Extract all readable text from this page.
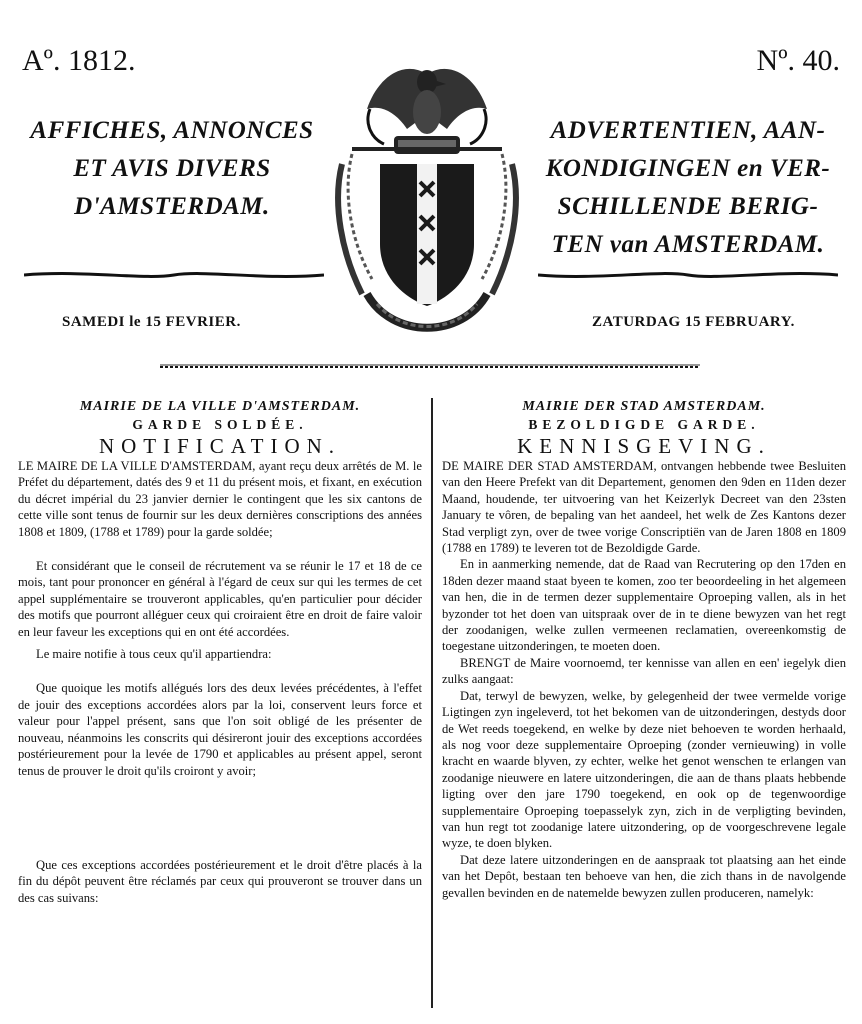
Aº. 1812.	Nº. 40.
AFFICHES, ANNONCES
ET AVIS DIVERS
D'AMSTERDAM.
ADVERTENTIEN, AAN-
KONDIGINGEN en VER-
SCHILLENDE BERIG-
TEN van AMSTERDAM.
SAMEDI le 15 FEVRIER.	ZATURDAG 15 FEBRUARY.
MAIRIE DE LA VILLE D'AMSTERDAM.
GARDE SOLDÉE.
NOTIFICATION.

LE MAIRE DE LA VILLE D'AMSTERDAM, ayant reçu deux arrêtés de M. le Préfet du département, datés des 9 et 11 du présent mois, et fixant, en exécution du décret impérial du 23 janvier dernier le contingent que les six cantons de cette ville sont tenus de fournir sur les deux dernières conscriptions des années 1808 et 1809, (1788 et 1789) pour la garde soldée;

Et considérant que le conseil de récrutement va se réunir le 17 et 18 de ce mois, tant pour prononcer en général à l'égard de ceux sur qui les termes de cet appel supplémentaire se trouveront applicables, qu'en particulier pour décider des motifs que pourront alléguer ceux qui croiraient être en droit de faire valoir en leur faveur les exceptions qui en ont été accordées.

Le maire notifie à tous ceux qu'il appartiendra:

Que quoique les motifs allégués lors des deux levées précédentes, à l'effet de jouir des exceptions accordées alors par la loi, conservent leurs force et valeur pour l'appel présent, sans que l'on soit obligé de les présenter de nouveau, néanmoins les conscrits qui désireront jouir des exceptions accordées postérieurement pour la levée de 1790 et applicables au présent appel, seront tenus de prouver le droit qu'ils croiront y avoir;

Que ces exceptions accordées postérieurement et le droit d'être placés à la fin du dépôt peuvent être réclamés par ceux qui prouveront se trouver dans un des cas suivans:

MAIRIE DER STAD AMSTERDAM.
BEZOLDIGDE GARDE.
KENNISGEVING.

DE MAIRE DER STAD AMSTERDAM, ontvangen hebbende twee Besluiten van den Heere Prefekt van dit Departement, genomen den 9den en 11den dezer Maand, houdende, ter uitvoering van het Keizerlyk Decreet van den 23sten January te vôren, de bepaling van het aandeel, het welk de Zes Kantons dezer Stad verpligt zyn, over de twee vorige Conscriptiën van de Jaren 1808 en 1809 (1788 en 1789) te leveren tot de Bezoldigde Garde.

En in aanmerking nemende, dat de Raad van Recrutering op den 17den en 18den dezer maand staat byeen te komen, zoo ter beoordeeling in het algemeen van hen, die in de termen dezer supplementaire Oproeping vallen, als in het byzonder tot het doen van uitspraak over de in te diene bewyzen van het regt der zoodanigen, welke zullen vermeenen reclamatien, overeenkomstig de toegestane uitzonderingen, te moeten doen.

BRENGT de Maire voornoemd, ter kennisse van allen en een' iegelyk dien zulks aangaat:

Dat, terwyl de bewyzen, welke, by gelegenheid der twee vermelde vorige Ligtingen zyn ingeleverd, tot het bekomen van de uitzonderingen, destyds door de Wet reeds toegekend, en welke by deze niet behoeven te worden herhaald, als nog voor deze supplementaire Oproeping (zonder vernieuwing) in volle kracht en waarde blyven, zy echter, welke het genot wenschen te erlangen van zoodanige nieuwere en latere uitzonderingen, die aan de thans plaats hebbende ligting over den jare 1790 toegekend, en ook op de tegenwoordige supplementaire Oproeping toepasselyk zyn, zich in de verpligting bevinden, van hun regt tot zoodanige latere uitzondering, op de voorgeschrevene legale wyze, te doen blyken.

Dat deze latere uitzonderingen en de aanspraak tot plaatsing aan het einde van het Depôt, bestaan ten behoeve van hen, die zich thans in de navolgende gevallen bevinden en de natemelde bewyzen zullen produceren, namelyk:
